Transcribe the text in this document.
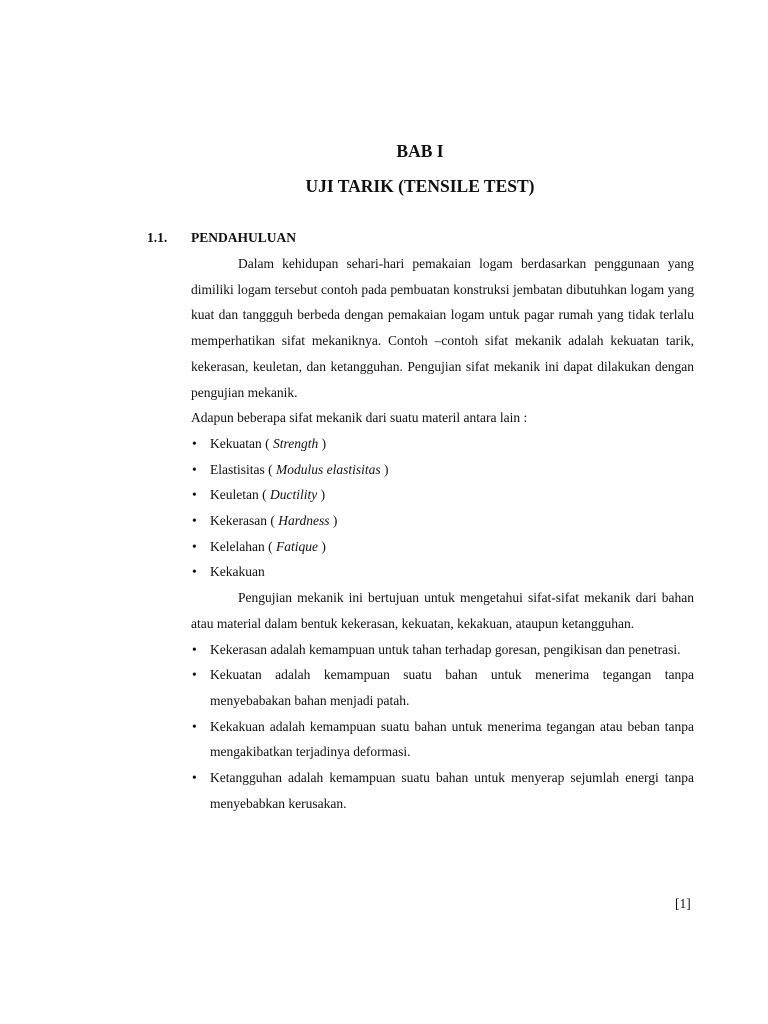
BAB I
UJI TARIK (TENSILE TEST)
1.1. PENDAHULUAN

Dalam kehidupan sehari-hari pemakaian logam berdasarkan penggunaan yang dimiliki logam tersebut contoh pada pembuatan konstruksi jembatan dibutuhkan logam yang kuat dan tanggguh berbeda dengan pemakaian logam untuk pagar rumah yang tidak terlalu memperhatikan sifat mekaniknya. Contoh –contoh sifat mekanik adalah kekuatan tarik, kekerasan, keuletan, dan ketangguhan. Pengujian sifat mekanik ini dapat dilakukan dengan pengujian mekanik.

Adapun beberapa sifat mekanik dari suatu materil antara lain :

• Kekuatan ( Strength )
• Elastisitas ( Modulus elastisitas )
• Keuletan ( Ductility )
• Kekerasan ( Hardness )
• Kelelahan ( Fatique )
• Kekakuan

Pengujian mekanik ini bertujuan untuk mengetahui sifat-sifat mekanik dari bahan atau material dalam bentuk kekerasan, kekuatan, kekakuan, ataupun ketangguhan.

• Kekerasan adalah kemampuan untuk tahan terhadap goresan, pengikisan dan penetrasi.
• Kekuatan adalah kemampuan suatu bahan untuk menerima tegangan tanpa menyebabakan bahan menjadi patah.
• Kekakuan adalah kemampuan suatu bahan untuk menerima tegangan atau beban tanpa mengakibatkan terjadinya deformasi.
• Ketangguhan adalah kemampuan suatu bahan untuk menyerap sejumlah energi tanpa menyebabkan kerusakan.
[1]
